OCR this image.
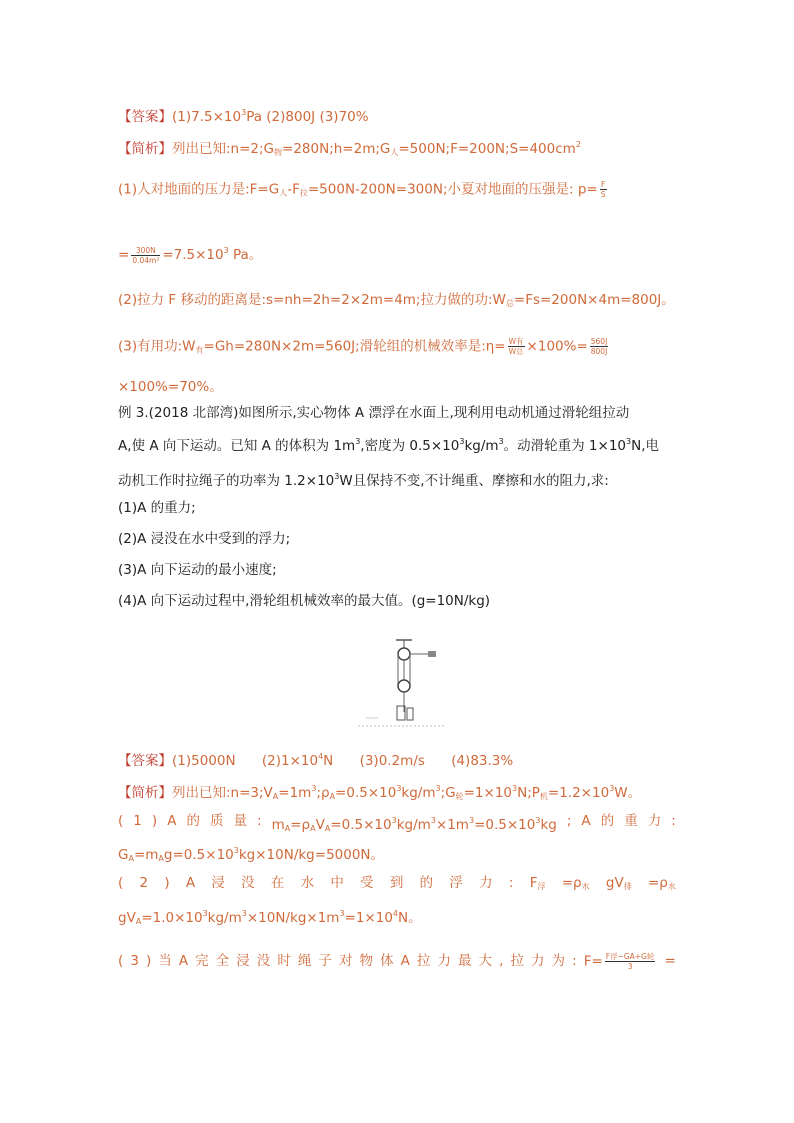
【答案】$(1)7.5\times 10^3Pa$ (2)800J (3)70%
【简析】列出已知$:n=2;G_物=280N;h=2m;G_人=500N;F=200N;S=400cm^2$
(1)人对地面的压力是$:F=G_人-F_拉=500N-200N=300N$;小夏对地面的压强是: $p= \frac{F}{S}$
= $\frac{300N}{\text{0.04m²}} =7.5\times 10^3$ Pa。
(2)拉力 F 移动的距离是:s=nh=2h=2×2m=4m;拉力做的功$:W_总=Fs=200N\times 4m=800J$。
(3)有用功$:W_有=Gh=280N\times 2m=560J$;滑轮组的机械效率是:η= $\frac{\text{W有}}{\text{W总}} \times 100\%= \frac{560J}{800J}$
×100%=70%。
例 3.(2018 北部湾)如图所示,实心物体 A 漂浮在水面上,现利用电动机通过滑轮组拉动
A,使 A 向下运动。已知 A 的体积为 $1m^3$,密度为 $0.5\times 10^3kg/m^3$。动滑轮重为 $1\times 10^3N$,电
动机工作时拉绳子的功率为 $1.2\times 10^3W$且保持不变,不计绳重、摩擦和水的阻力,求:
(1)A 的重力;
(2)A 浸没在水中受到的浮力;
(3)A 向下运动的最小速度;
(4)A 向下运动过程中,滑轮组机械效率的最大值。(g=10N/kg)
【答案】(1)5000N $(2)1\times 10^4N$ (3)0.2m/s (4)83.3%
【简析】列出已知$:n=3;V_A=1m^3;\rho_A=0.5\times 10^3kg/m^3;G_轮=1\times 10^3N;P_机=1.2\times 10^3W$。
( 1 ) A 的 质 量 : $m_A=\rho_AV_A=0.5\times 10^3kg/m^3\times 1m^3=0.5\times 10^3kg$ ; A 的 重 力 :
$G_A=m_Ag=0.5\times 10^3kg\times 10N/kg=5000N$。
( 2 ) A 浸 没 在 水 中 受 到 的 浮 力 : $F_浮 =\rho_水$ $gV_排 =\rho_水$
$gV_A=1.0\times 10^3kg/m^3\times 10N/kg\times 1m^3=1\times 10^4N$。
( 3 ) 当 A 完 全 浸 没 时 绳 子 对 物 体 A 拉 力 最 大 , 拉 力 为 : $F= \frac{\text{F浮−GA+G轮}}{3}$ =
